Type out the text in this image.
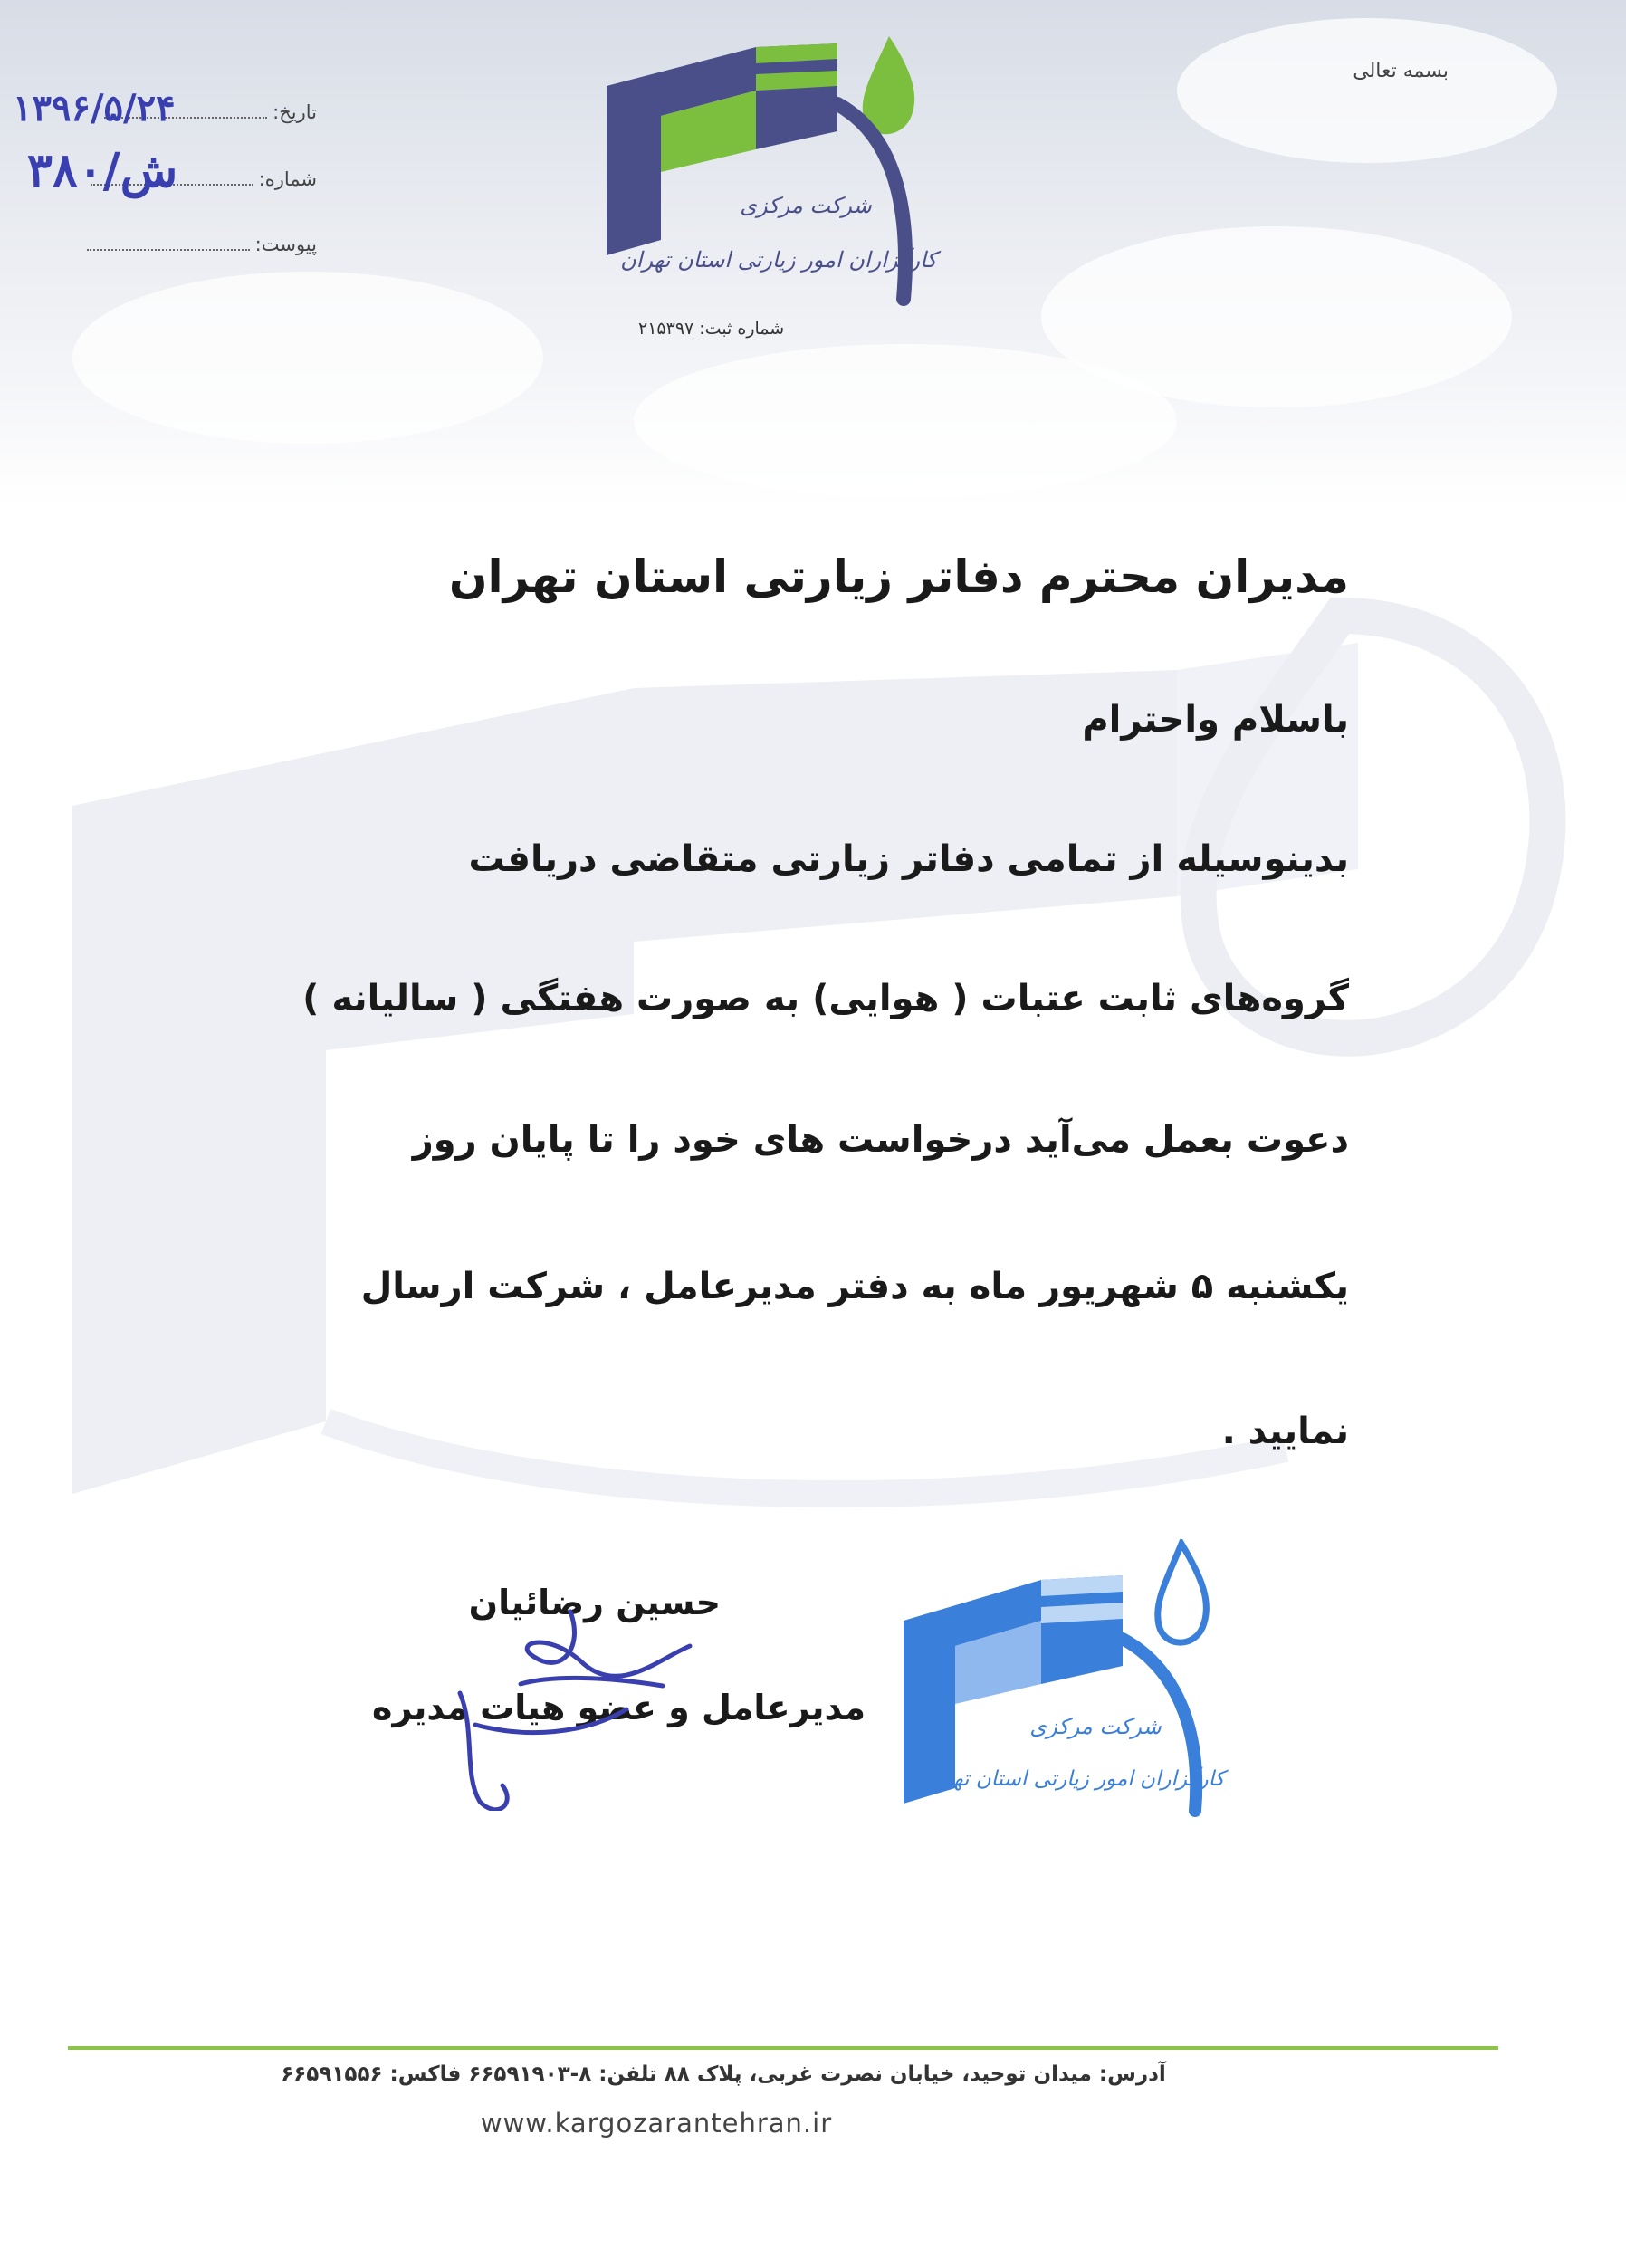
بسمه تعالی
تاریخ:
۱۳۹۶/۵/۲۴
شماره:
۳۸۰/ش
پیوست:
شرکت مرکزی
کارگزاران امور زیارتی استان تهران
شماره ثبت: ۲۱۵۳۹۷
مدیران محترم دفاتر زیارتی استان تهران
باسلام واحترام
بدینوسیله از تمامی دفاتر زیارتی متقاضی دریافت
گروه‌های ثابت عتبات ( هوایی) به صورت هفتگی ( سالیانه )
دعوت بعمل می‌آید درخواست های خود را تا پایان روز
یکشنبه ۵ شهریور ماه به دفتر مدیرعامل ، شرکت ارسال
نمایید .
حسین رضائیان
مدیرعامل و عضو هیات مدیره	شرکت مرکزی
کارگزاران امور زیارتی استان تهران
آدرس: میدان توحید، خیابان نصرت غربی، پلاک ۸۸ تلفن: ۸-۶۶۵۹۱۹۰۳ فاکس: ۶۶۵۹۱۵۵۶
www.kargozarantehran.ir
